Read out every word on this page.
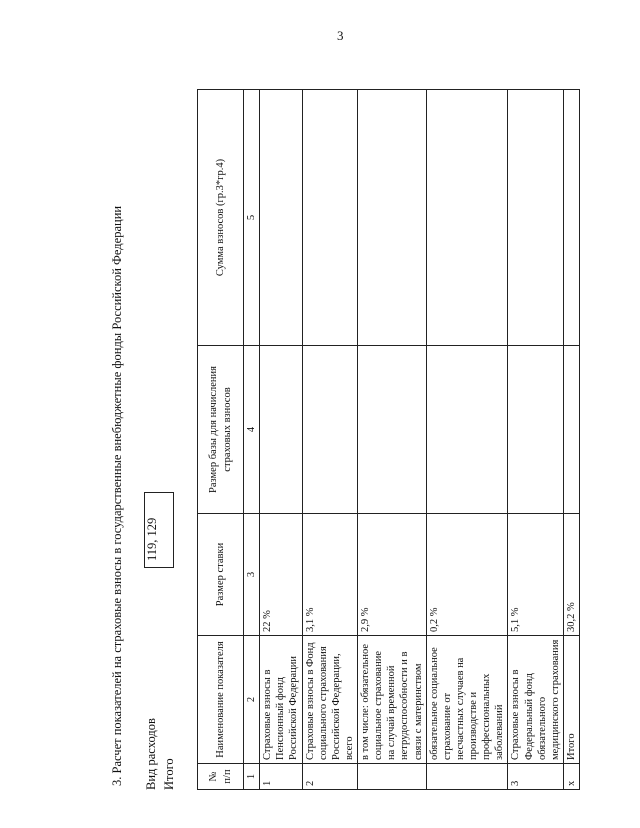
3
3. Расчет показателей на страховые взносы в государственные внебюджетные фонды Российской Федерации Вид расходов Итого
119, 129
№ п/п	Наименование показателя	Размер ставки	Размер базы для начисления страховых взносов	Сумма взносов (гр.3*гр.4)
1	2	3	4	5
1	Страховые взносы в Пенсионный фонд Российской Федерации	22 %		
2	Страховые взносы в Фонд социального страхования Российской Федерации, всего	3,1 %		
	в том числе: обязательное социальное страхование на случай временной нетрудоспособности и в связи с материнством	2,9 %		
	обязательное социальное страхование от несчастных случаев на производстве и профессиональных заболеваний	0,2 %		
3	Страховые взносы в Федеральный фонд обязательного медицинского страхования	5,1 %		
x	Итого	30,2 %		
